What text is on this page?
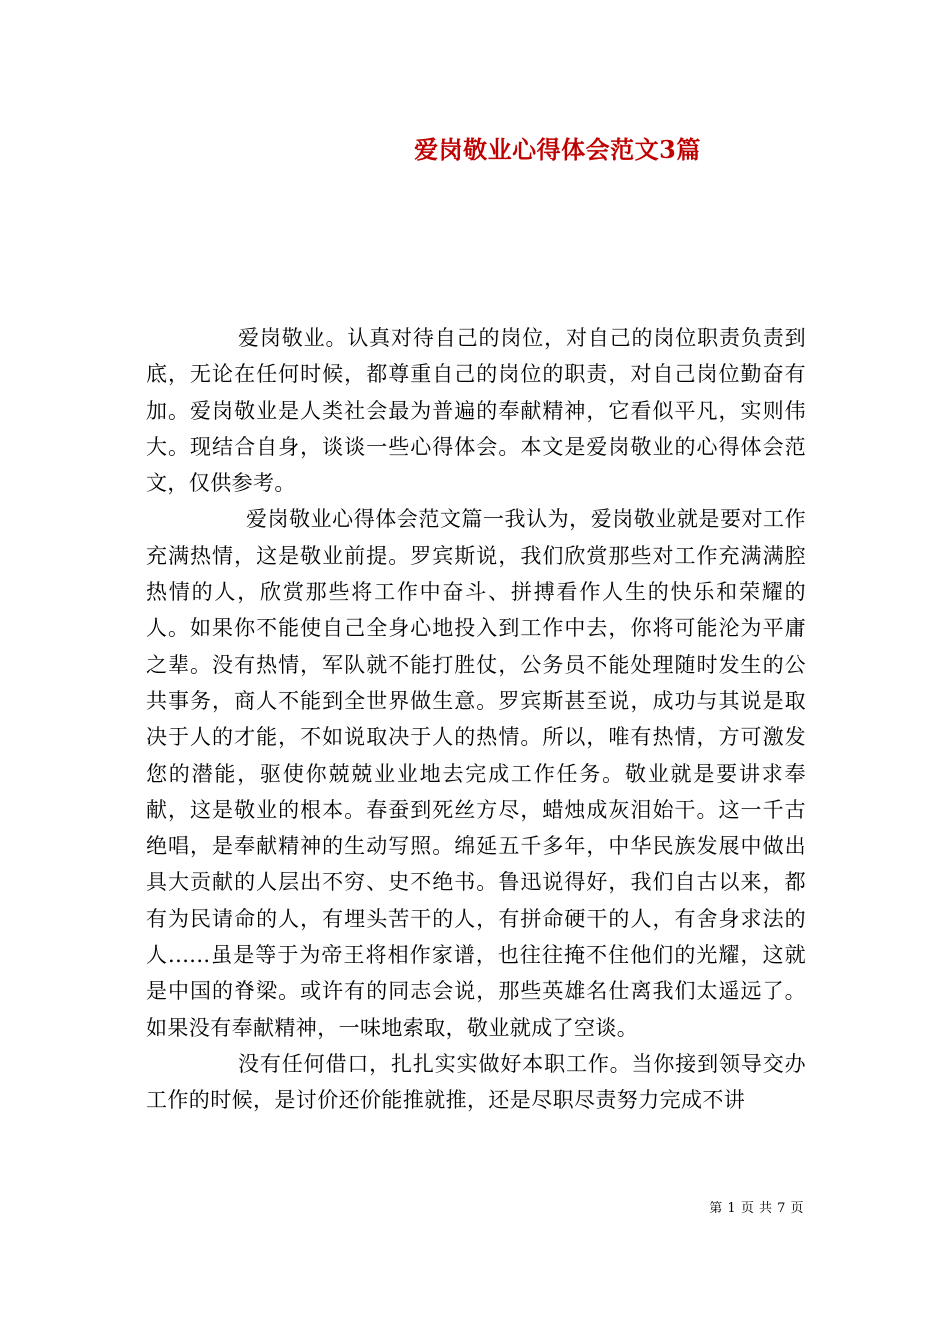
爱岗敬业心得体会范文3篇

爱岗敬业。认真对待自己的岗位，对自己的岗位职责负责到底，无论在任何时候，都尊重自己的岗位的职责，对自己岗位勤奋有加。爱岗敬业是人类社会最为普遍的奉献精神，它看似平凡，实则伟大。现结合自身，谈谈一些心得体会。本文是爱岗敬业的心得体会范文，仅供参考。

爱岗敬业心得体会范文篇一我认为，爱岗敬业就是要对工作充满热情，这是敬业前提。罗宾斯说，我们欣赏那些对工作充满满腔热情的人，欣赏那些将工作中奋斗、拼搏看作人生的快乐和荣耀的人。如果你不能使自己全身心地投入到工作中去，你将可能沦为平庸之辈。没有热情，军队就不能打胜仗，公务员不能处理随时发生的公共事务，商人不能到全世界做生意。罗宾斯甚至说，成功与其说是取决于人的才能，不如说取决于人的热情。所以，唯有热情，方可激发您的潜能，驱使你兢兢业业地去完成工作任务。敬业就是要讲求奉献，这是敬业的根本。春蚕到死丝方尽，蜡烛成灰泪始干。这一千古绝唱，是奉献精神的生动写照。绵延五千多年，中华民族发展中做出具大贡献的人层出不穷、史不绝书。鲁迅说得好，我们自古以来，都有为民请命的人，有埋头苦干的人，有拼命硬干的人，有舍身求法的人......虽是等于为帝王将相作家谱，也往往掩不住他们的光耀，这就是中国的脊梁。或许有的同志会说，那些英雄名仕离我们太遥远了。如果没有奉献精神，一味地索取，敬业就成了空谈。

没有任何借口，扎扎实实做好本职工作。当你接到领导交办工作的时候，是讨价还价能推就推，还是尽职尽责努力完成不讲

第 1 页 共 7 页
